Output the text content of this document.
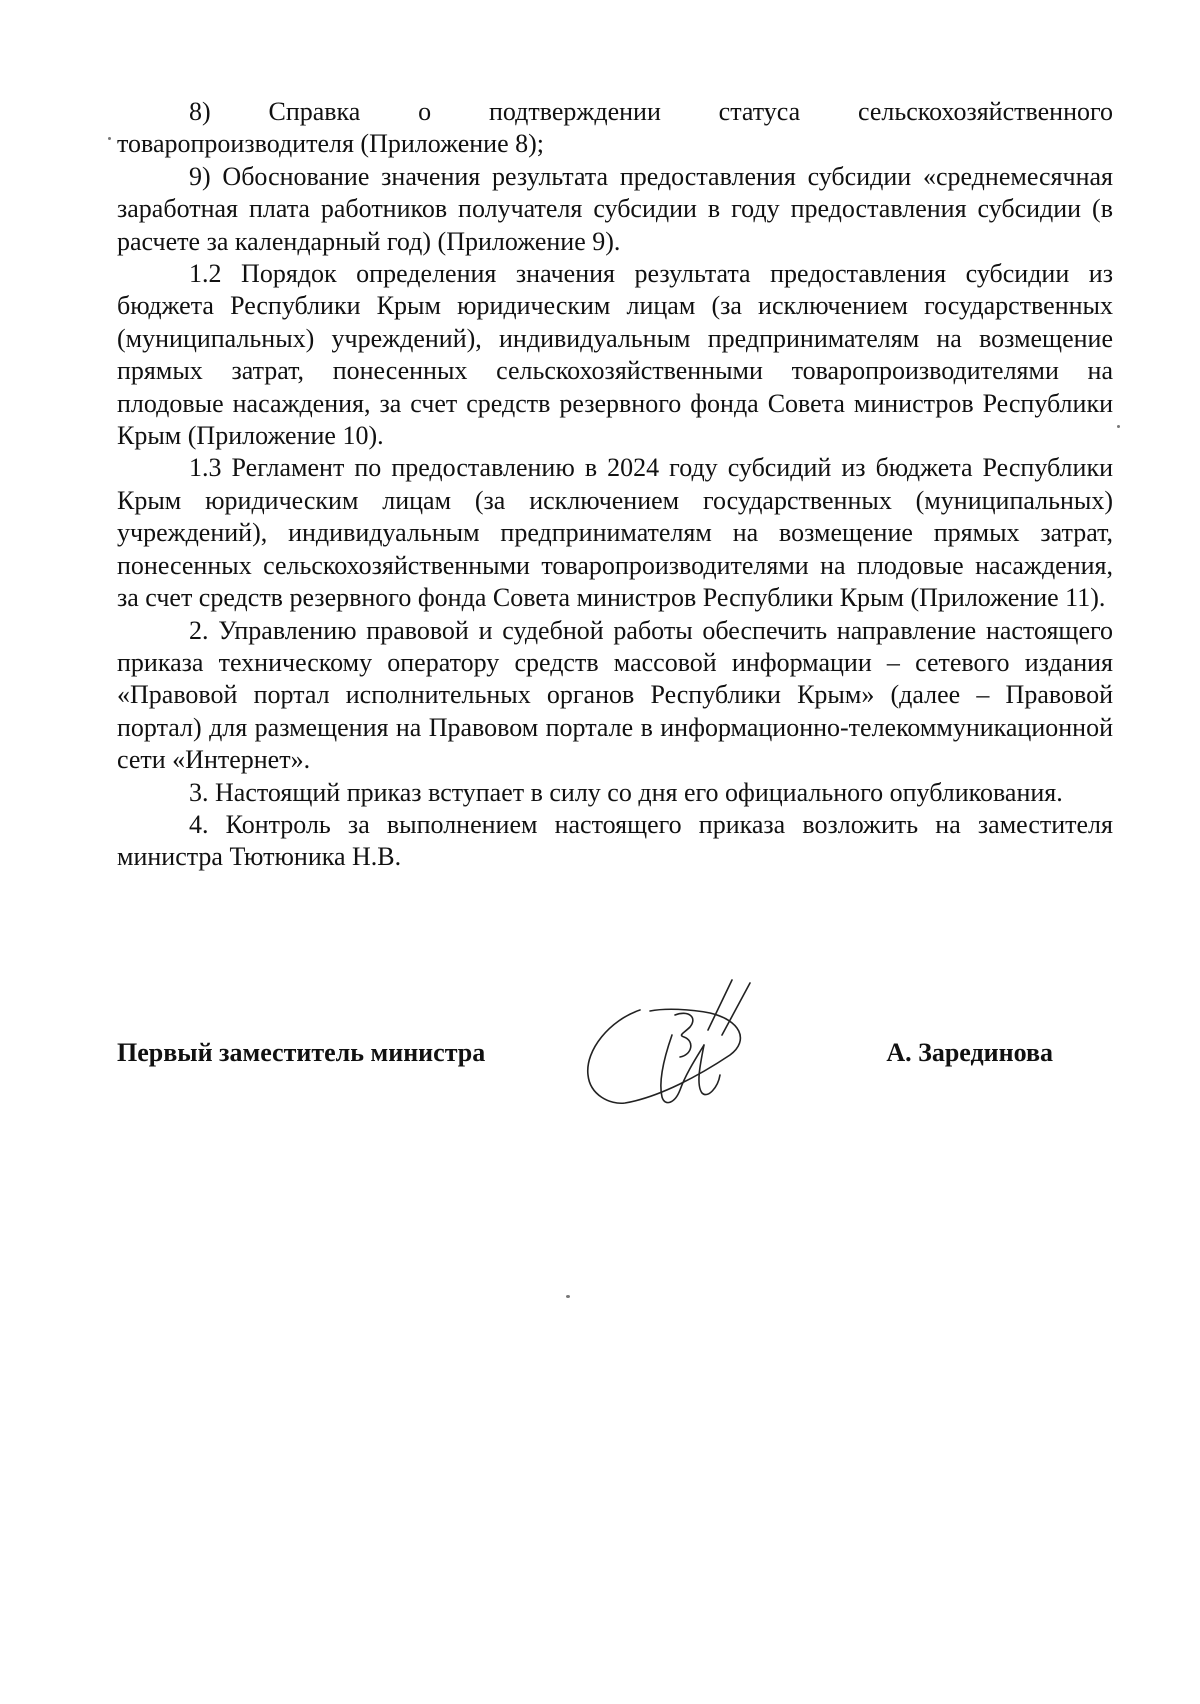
8)    Справка    о    подтверждении    статуса    сельскохозяйственного товаропроизводителя (Приложение 8);

9) Обоснование значения результата предоставления субсидии «среднемесячная заработная плата работников получателя субсидии в году предоставления субсидии (в расчете за календарный год) (Приложение 9).

1.2 Порядок определения значения результата предоставления субсидии из бюджета Республики Крым юридическим лицам (за исключением государственных (муниципальных) учреждений), индивидуальным предпринимателям на возмещение прямых затрат, понесенных сельскохозяйственными товаропроизводителями на плодовые насаждения, за счет средств резервного фонда Совета министров Республики Крым (Приложение 10).

1.3 Регламент по предоставлению в 2024 году субсидий из бюджета Республики Крым юридическим лицам (за исключением государственных (муниципальных) учреждений), индивидуальным предпринимателям на возмещение прямых затрат, понесенных сельскохозяйственными товаропроизводителями на плодовые насаждения, за счет средств резервного фонда Совета министров Республики Крым (Приложение 11).

2. Управлению правовой и судебной работы обеспечить направление настоящего приказа техническому оператору средств массовой информации – сетевого издания «Правовой портал исполнительных органов Республики Крым» (далее – Правовой портал) для размещения на Правовом портале в информационно-телекоммуникационной сети «Интернет».

3. Настоящий приказ вступает в силу со дня его официального опубликования.

4. Контроль за выполнением настоящего приказа возложить на заместителя министра Тютюника Н.В.

Первый заместитель министра	А. Зарединова
